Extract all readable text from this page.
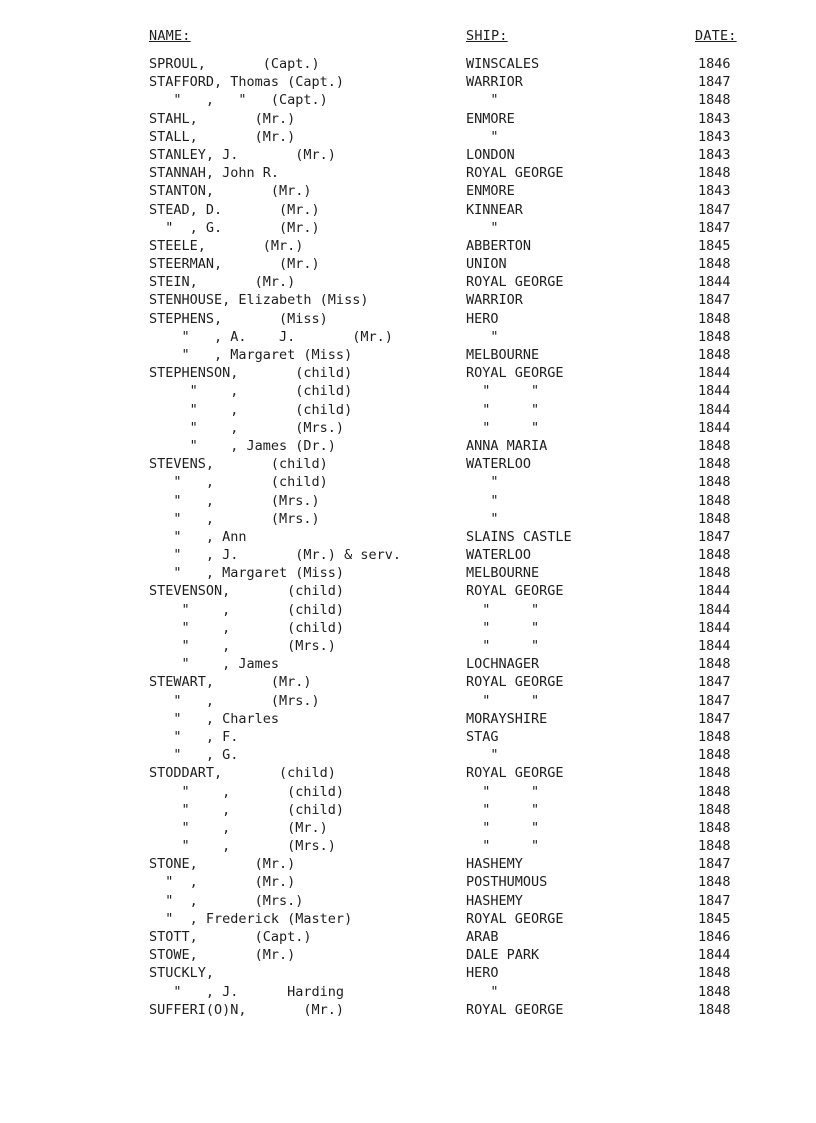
NAME:	SHIP:	DATE:
SPROUL,       (Capt.)	WINSCALES	1846
STAFFORD, Thomas (Capt.)	WARRIOR	1847
"   ,   "   (Capt.)	"	1848
STAHL,       (Mr.)	ENMORE	1843
STALL,       (Mr.)	"	1843
STANLEY, J.       (Mr.)	LONDON	1843
STANNAH, John R.	ROYAL GEORGE	1848
STANTON,       (Mr.)	ENMORE	1843
STEAD, D.       (Mr.)	KINNEAR	1847
"  , G.       (Mr.)	"	1847
STEELE,       (Mr.)	ABBERTON	1845
STEERMAN,       (Mr.)	UNION	1848
STEIN,       (Mr.)	ROYAL GEORGE	1844
STENHOUSE, Elizabeth (Miss)	WARRIOR	1847
STEPHENS,       (Miss)	HERO	1848
"   , A.    J.       (Mr.)	"	1848
"   , Margaret (Miss)	MELBOURNE	1848
STEPHENSON,       (child)	ROYAL GEORGE	1844
"    ,       (child)	"     "	1844
"    ,       (child)	"     "	1844
"    ,       (Mrs.)	"     "	1844
"    , James (Dr.)	ANNA MARIA	1848
STEVENS,       (child)	WATERLOO	1848
"   ,       (child)	"	1848
"   ,       (Mrs.)	"	1848
"   ,       (Mrs.)	"	1848
"   , Ann	SLAINS CASTLE	1847
"   , J.       (Mr.) & serv.	WATERLOO	1848
"   , Margaret (Miss)	MELBOURNE	1848
STEVENSON,       (child)	ROYAL GEORGE	1844
"    ,       (child)	"     "	1844
"    ,       (child)	"     "	1844
"    ,       (Mrs.)	"     "	1844
"    , James	LOCHNAGER	1848
STEWART,       (Mr.)	ROYAL GEORGE	1847
"   ,       (Mrs.)	"     "	1847
"   , Charles	MORAYSHIRE	1847
"   , F.	STAG	1848
"   , G.	"	1848
STODDART,       (child)	ROYAL GEORGE	1848
"    ,       (child)	"     "	1848
"    ,       (child)	"     "	1848
"    ,       (Mr.)	"     "	1848
"    ,       (Mrs.)	"     "	1848
STONE,       (Mr.)	HASHEMY	1847
"  ,       (Mr.)	POSTHUMOUS	1848
"  ,       (Mrs.)	HASHEMY	1847
"  , Frederick (Master)	ROYAL GEORGE	1845
STOTT,       (Capt.)	ARAB	1846
STOWE,       (Mr.)	DALE PARK	1844
STUCKLY,	HERO	1848
"   , J.      Harding	"	1848
SUFFERI(O)N,       (Mr.)	ROYAL GEORGE	1848
